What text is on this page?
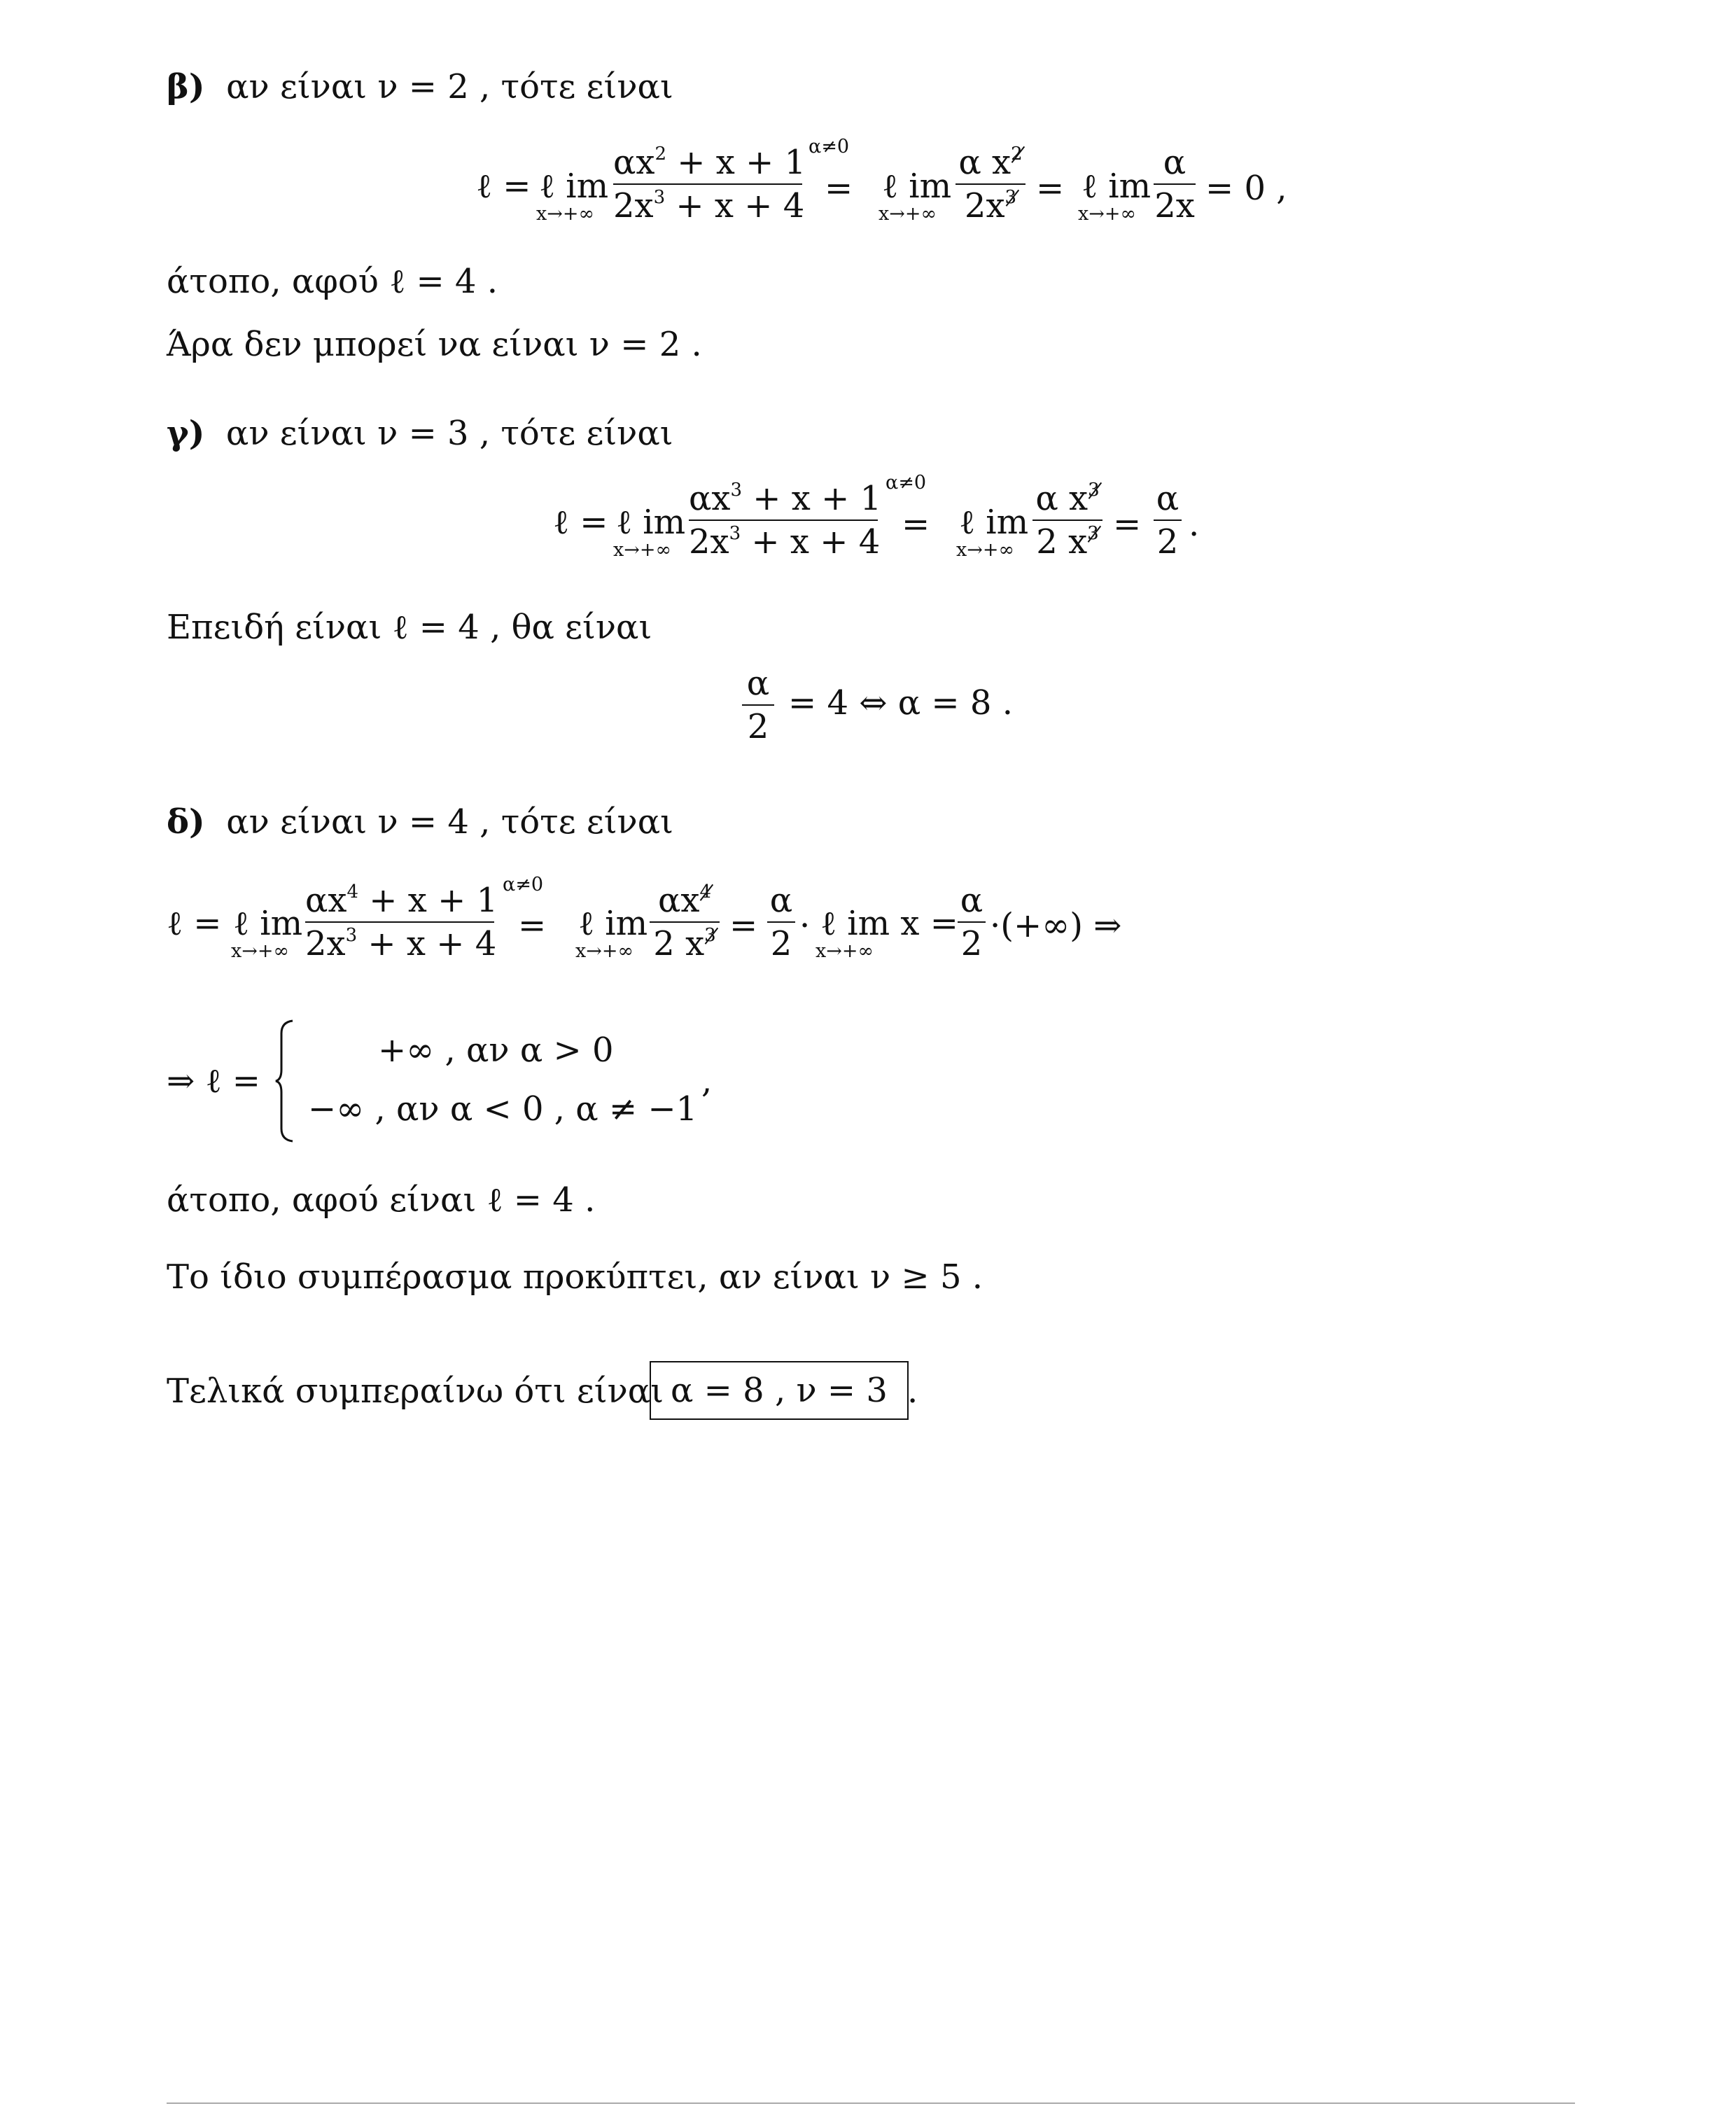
β) αν είναι ν = 2 , τότε είναι
ℓ = ℓ im
x→+∞
$\alpha x^2 + x + 1$
$2x^3 + x + 4$
α≠0
= ℓ im
x→+∞
α $x^2$
$2x^3$ = ℓ im
x→+∞
α
2x = 0 ,
άτοπο, αφού ℓ = 4 .
Άρα δεν μπορεί να είναι ν = 2 .
γ) αν είναι ν = 3 , τότε είναι
ℓ = ℓ im
x→+∞
$\alpha x^3 + x + 1$
$2x^3 + x + 4$
α≠0
= ℓ im
x→+∞
α $x^3$
2 $x^3$ =
α
2 .
Επειδή είναι ℓ = 4 , θα είναι
α
2
= 4 ⇔ α = 8 .
δ) αν είναι ν = 4 , τότε είναι
ℓ = ℓ im
x→+∞
$\alpha x^4 + x + 1$
$2x^3 + x + 4$
α≠0
= ℓ im
x→+∞
$\alpha x^4$
2 $x^3$ =
α
2 · ℓ im x =
x→+∞
α
2 ·(+∞) ⇒
⇒ ℓ =
+∞ , αν α > 0
−∞ , αν α < 0 , α ≠ −1
,
άτοπο, αφού είναι ℓ = 4 .
Το ίδιο συμπέρασμα προκύπτει, αν είναι ν ≥ 5 .
Τελικά συμπεραίνω ότι είναι α = 8 , ν = 3 .
